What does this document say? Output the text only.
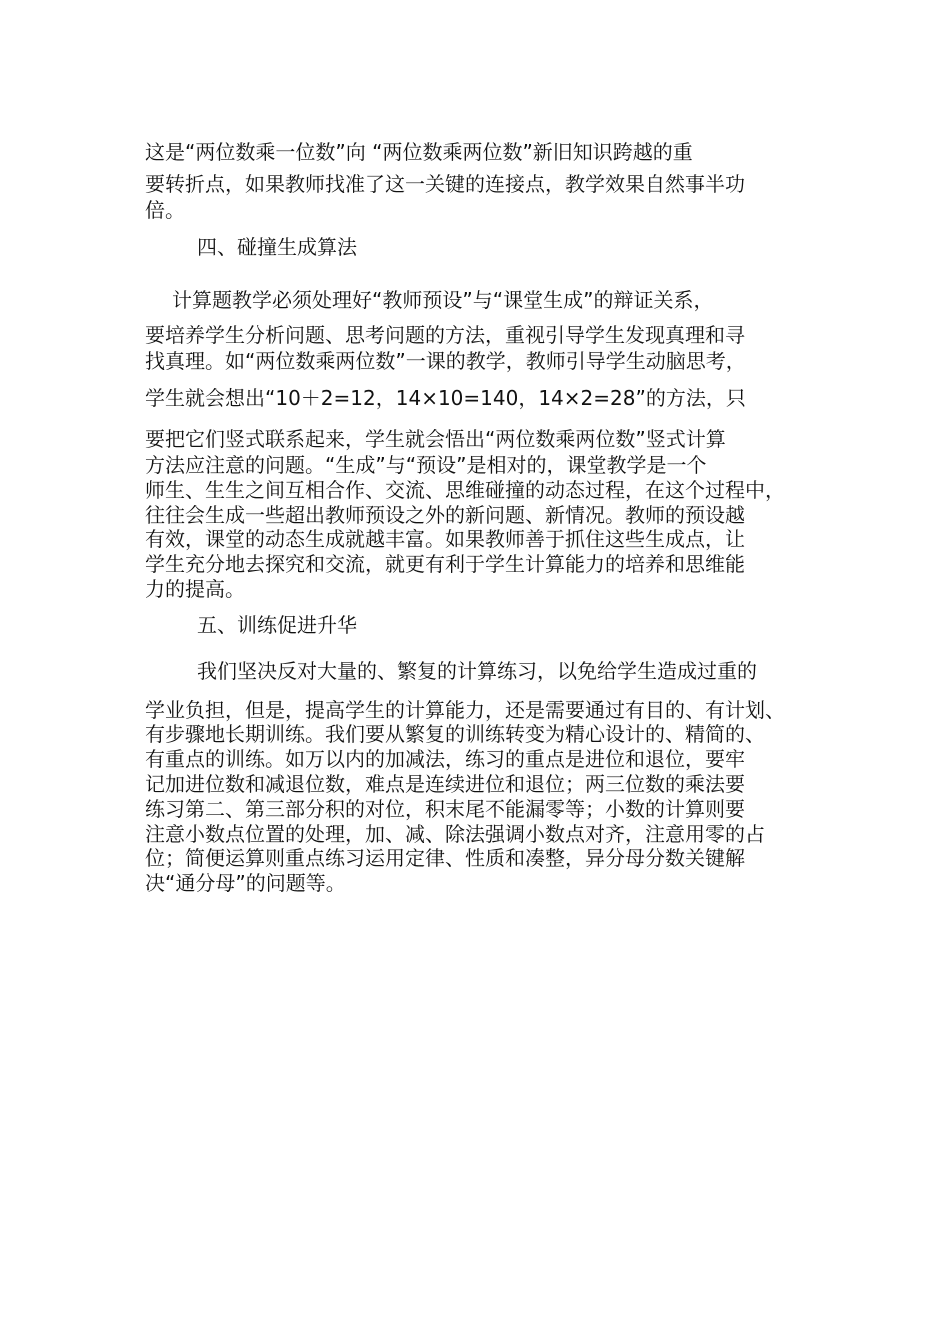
这是“两位数乘一位数”向 “两位数乘两位数”新旧知识跨越的重
要转折点，如果教师找准了这一关键的连接点，教学效果自然事半功
倍。
四、碰撞生成算法
计算题教学必须处理好“教师预设”与“课堂生成”的辩证关系，
要培养学生分析问题、思考问题的方法，重视引导学生发现真理和寻
找真理。如“两位数乘两位数”一课的教学，教师引导学生动脑思考，
学生就会想出“10＋2=12，14×10=140，14×2=28”的方法，只
要把它们竖式联系起来，学生就会悟出“两位数乘两位数”竖式计算
方法应注意的问题。“生成”与“预设”是相对的，课堂教学是一个
师生、生生之间互相合作、交流、思维碰撞的动态过程，在这个过程中，
往往会生成一些超出教师预设之外的新问题、新情况。教师的预设越
有效，课堂的动态生成就越丰富。如果教师善于抓住这些生成点，让
学生充分地去探究和交流，就更有利于学生计算能力的培养和思维能
力的提高。
五、训练促进升华
我们坚决反对大量的、繁复的计算练习，以免给学生造成过重的
学业负担，但是，提高学生的计算能力，还是需要通过有目的、有计划、
有步骤地长期训练。我们要从繁复的训练转变为精心设计的、精简的、
有重点的训练。如万以内的加减法，练习的重点是进位和退位，要牢
记加进位数和减退位数，难点是连续进位和退位；两三位数的乘法要
练习第二、第三部分积的对位，积末尾不能漏零等；小数的计算则要
注意小数点位置的处理，加、减、除法强调小数点对齐，注意用零的占
位；简便运算则重点练习运用定律、性质和凑整，异分母分数关键解
决“通分母”的问题等。
